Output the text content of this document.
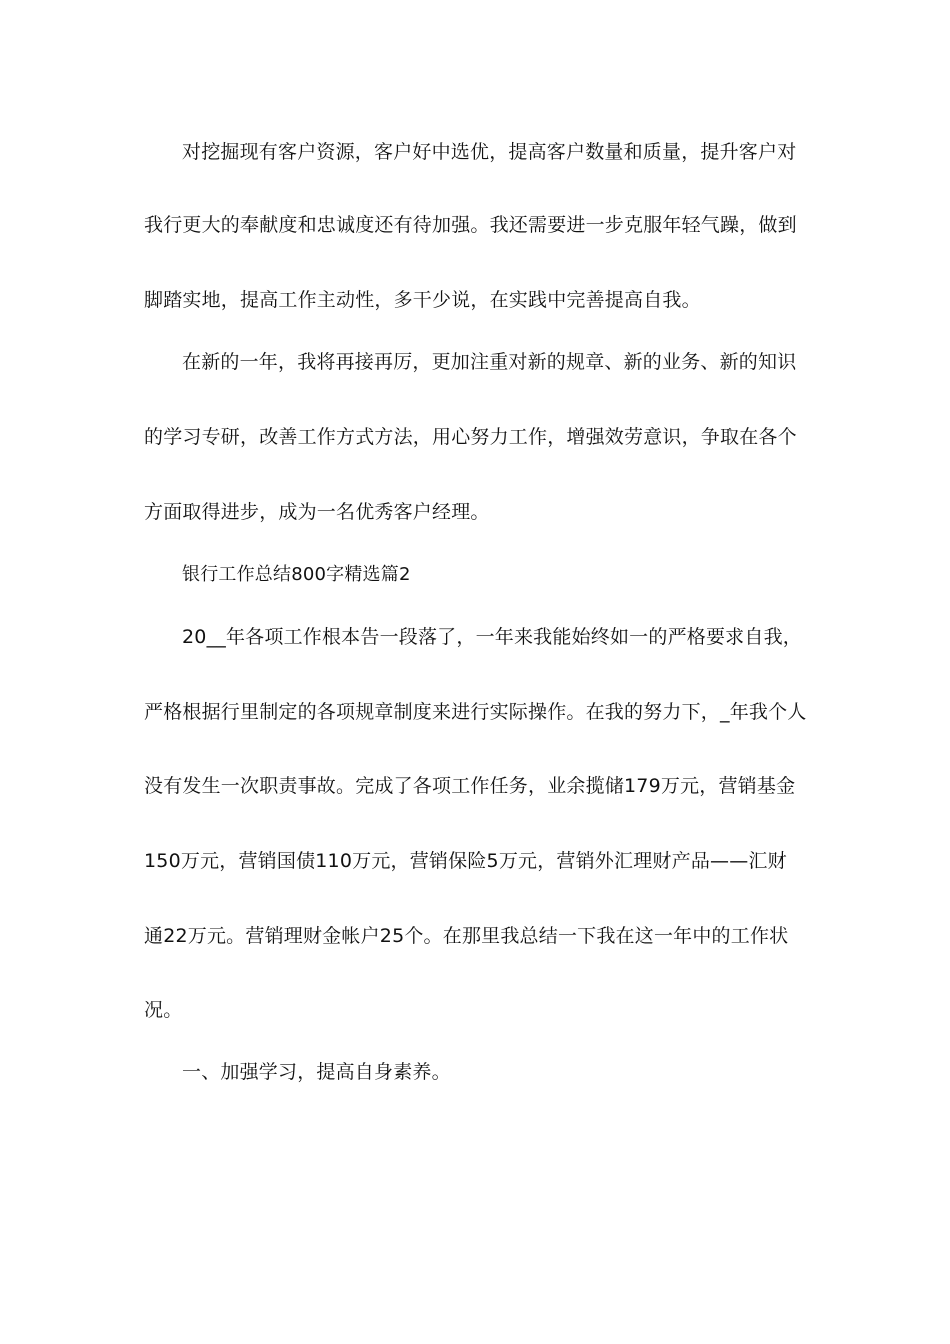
对挖掘现有客户资源，客户好中选优，提高客户数量和质量，提升客户对
我行更大的奉献度和忠诚度还有待加强。我还需要进一步克服年轻气躁，做到
脚踏实地，提高工作主动性，多干少说，在实践中完善提高自我。
在新的一年，我将再接再厉，更加注重对新的规章、新的业务、新的知识
的学习专研，改善工作方式方法，用心努力工作，增强效劳意识，争取在各个
方面取得进步，成为一名优秀客户经理。
银行工作总结800字精选篇2
20__年各项工作根本告一段落了，一年来我能始终如一的严格要求自我，
严格根据行里制定的各项规章制度来进行实际操作。在我的努力下，_年我个人
没有发生一次职责事故。完成了各项工作任务，业余揽储179万元，营销基金
150万元，营销国债110万元，营销保险5万元，营销外汇理财产品——汇财
通22万元。营销理财金帐户25个。在那里我总结一下我在这一年中的工作状
况。
一、加强学习，提高自身素养。
